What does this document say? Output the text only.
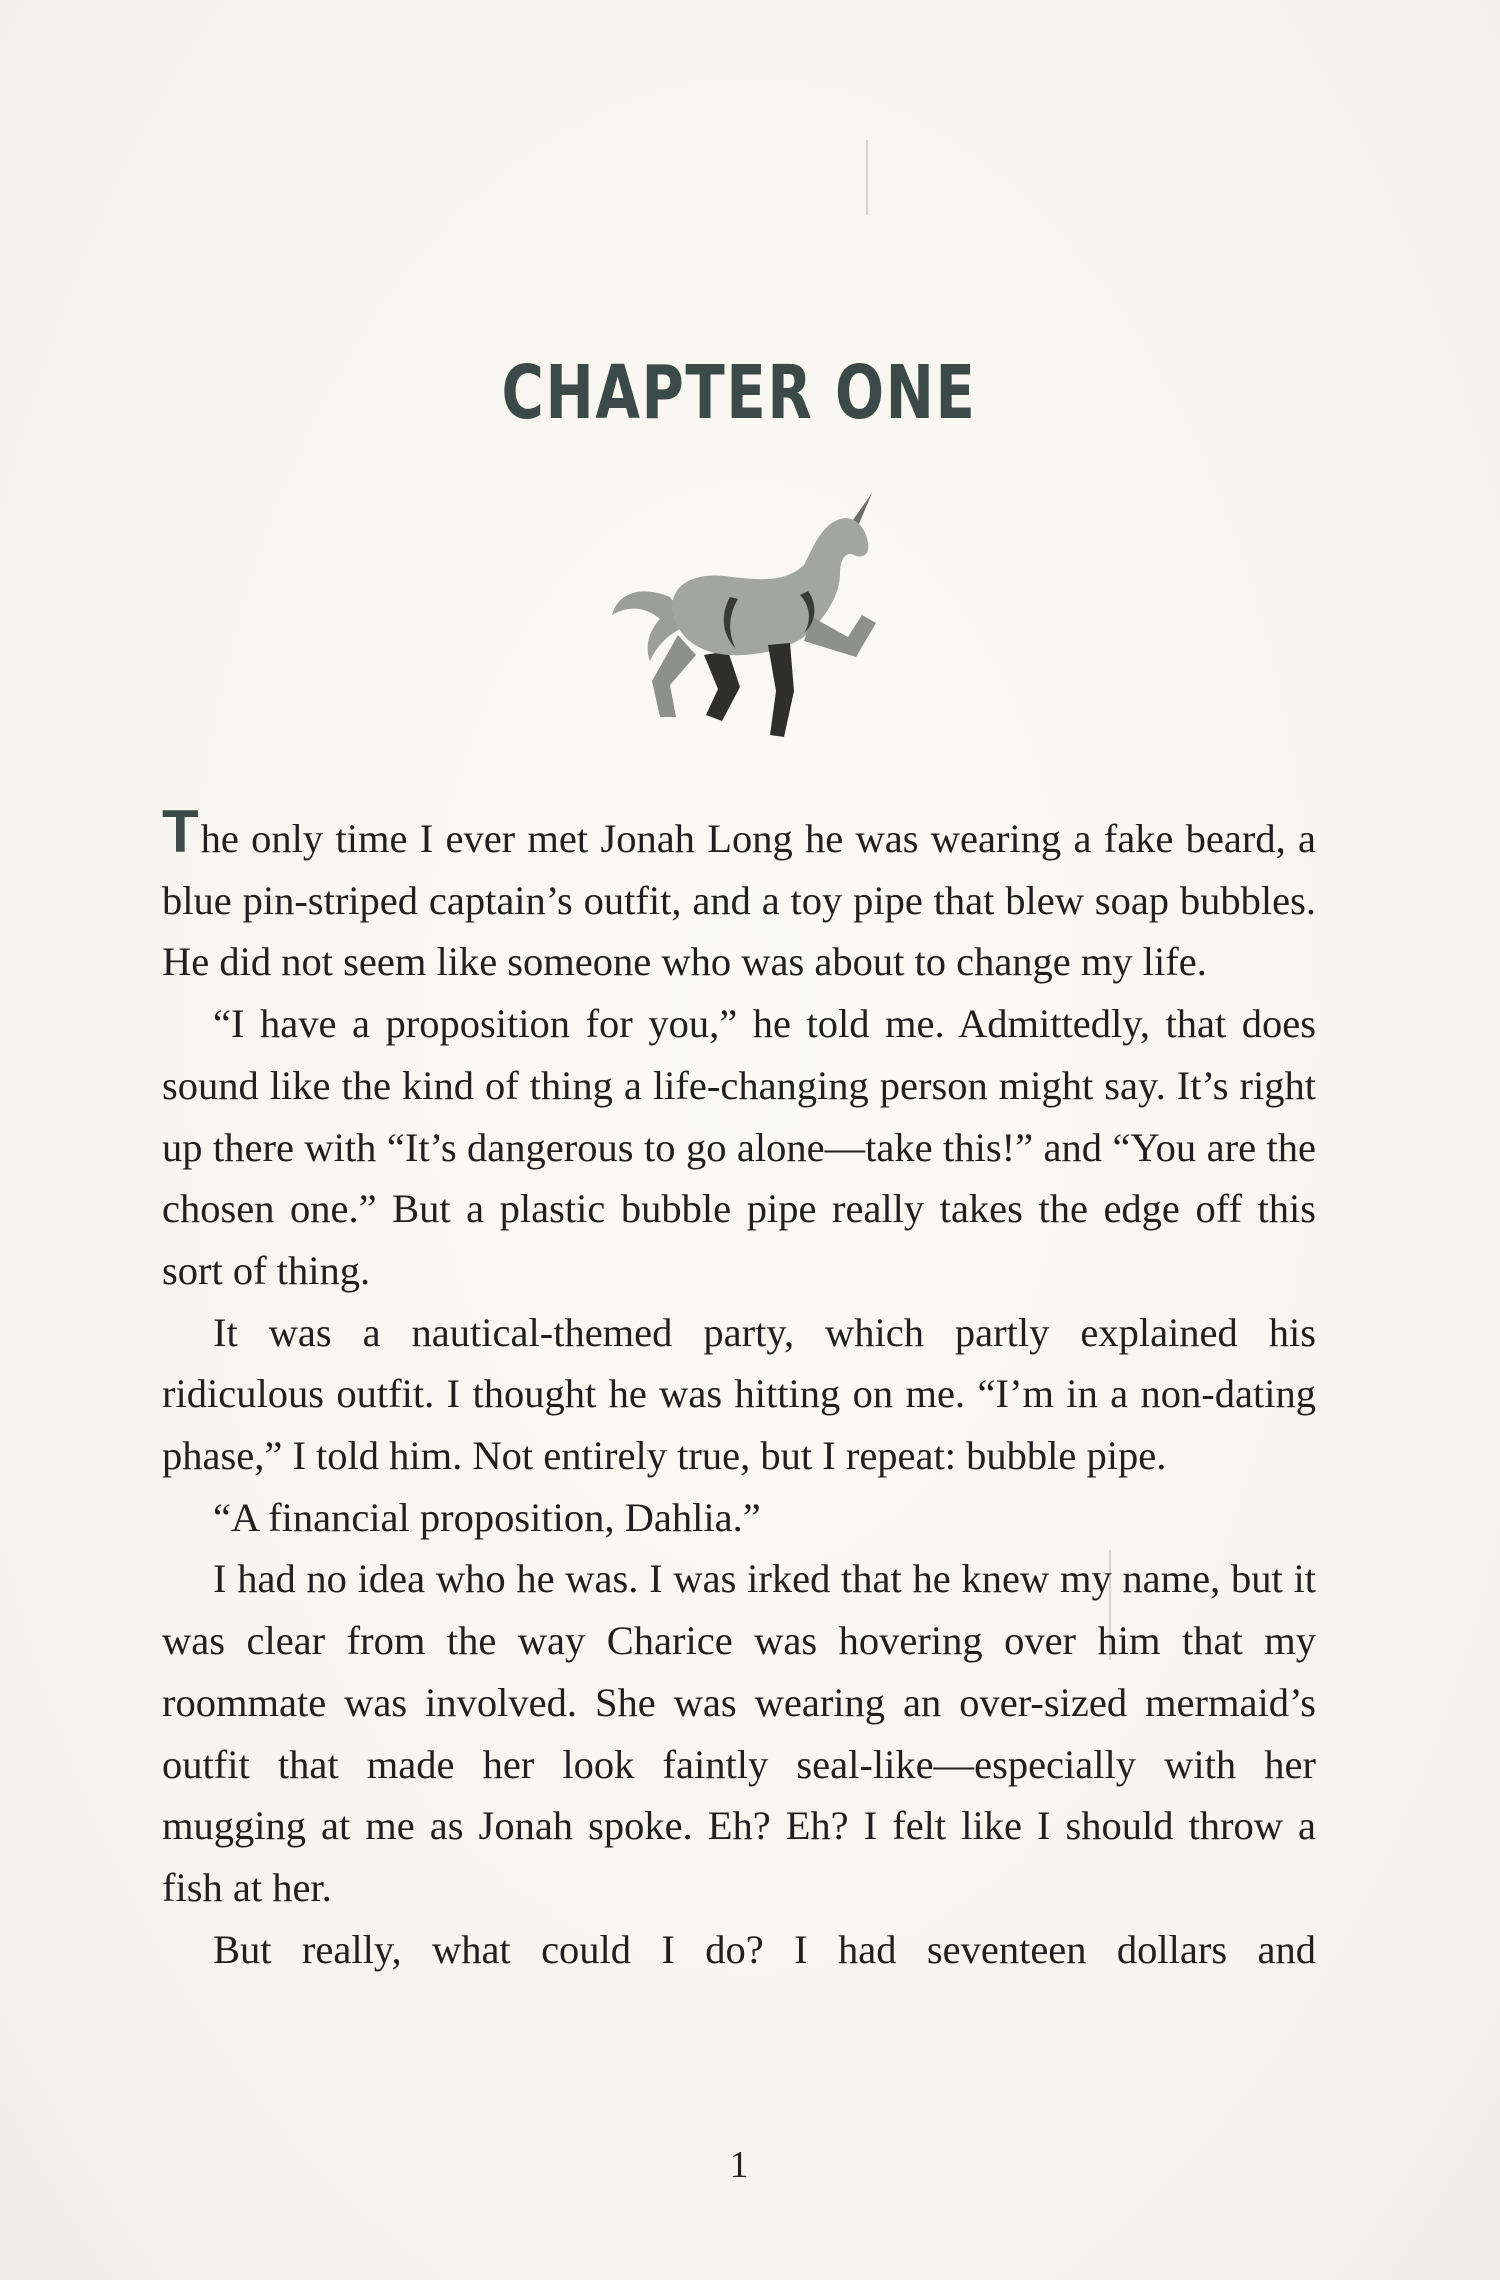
CHAPTER ONE

The only time I ever met Jonah Long he was wearing a fake beard, a blue pin-striped captain’s outfit, and a toy pipe that blew soap bubbles. He did not seem like someone who was about to change my life.

“I have a proposition for you,” he told me. Admittedly, that does sound like the kind of thing a life-changing person might say. It’s right up there with “It’s dangerous to go alone—take this!” and “You are the chosen one.” But a plastic bubble pipe really takes the edge off this sort of thing.

It was a nautical-themed party, which partly explained his ridiculous outfit. I thought he was hitting on me. “I’m in a non-dating phase,” I told him. Not entirely true, but I repeat: bubble pipe.

“A financial proposition, Dahlia.”

I had no idea who he was. I was irked that he knew my name, but it was clear from the way Charice was hovering over him that my roommate was involved. She was wearing an over-sized mermaid’s outfit that made her look faintly seal-like—especially with her mugging at me as Jonah spoke. Eh? Eh? I felt like I should throw a fish at her.

But really, what could I do? I had seventeen dollars and

1
